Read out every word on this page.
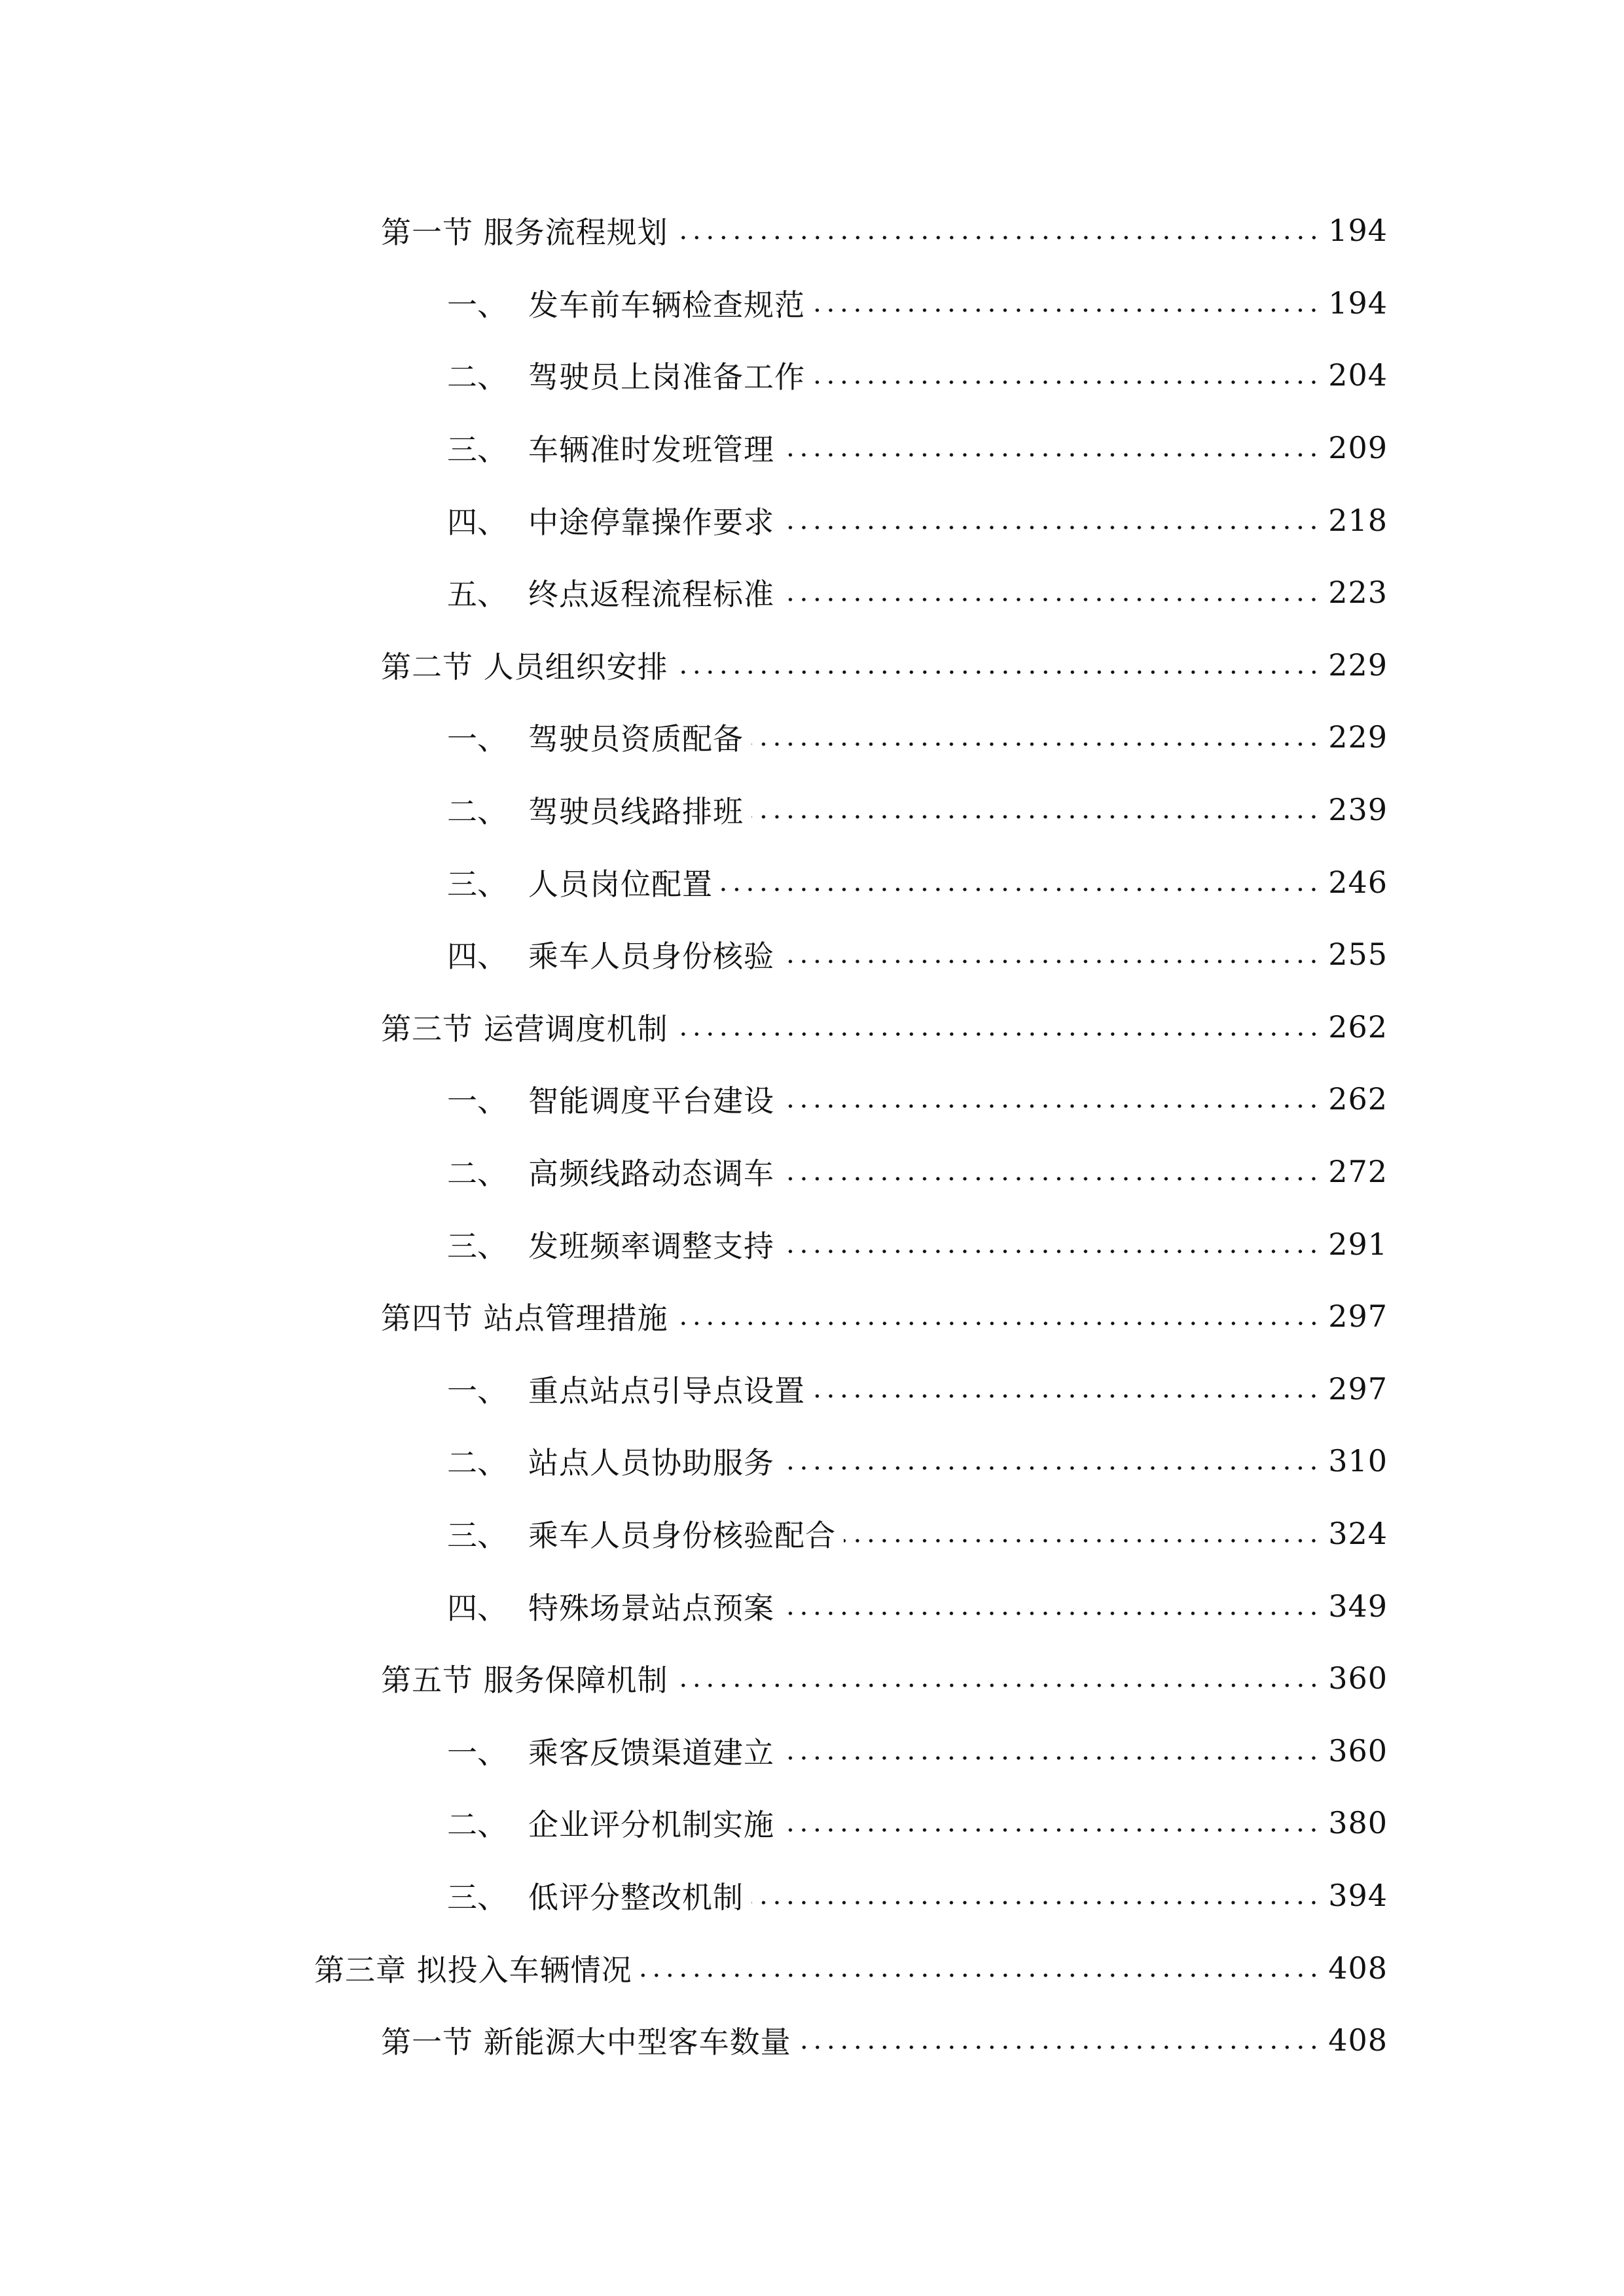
第一节 服务流程规划	194
一、 发车前车辆检查规范	194
二、 驾驶员上岗准备工作	204
三、 车辆准时发班管理	209
四、 中途停靠操作要求	218
五、 终点返程流程标准	223
第二节 人员组织安排	229
一、 驾驶员资质配备	229
二、 驾驶员线路排班	239
三、 人员岗位配置	246
四、 乘车人员身份核验	255
第三节 运营调度机制	262
一、 智能调度平台建设	262
二、 高频线路动态调车	272
三、 发班频率调整支持	291
第四节 站点管理措施	297
一、 重点站点引导点设置	297
二、 站点人员协助服务	310
三、 乘车人员身份核验配合	324
四、 特殊场景站点预案	349
第五节 服务保障机制	360
一、 乘客反馈渠道建立	360
二、 企业评分机制实施	380
三、 低评分整改机制	394
第三章 拟投入车辆情况	408
第一节 新能源大中型客车数量	408
